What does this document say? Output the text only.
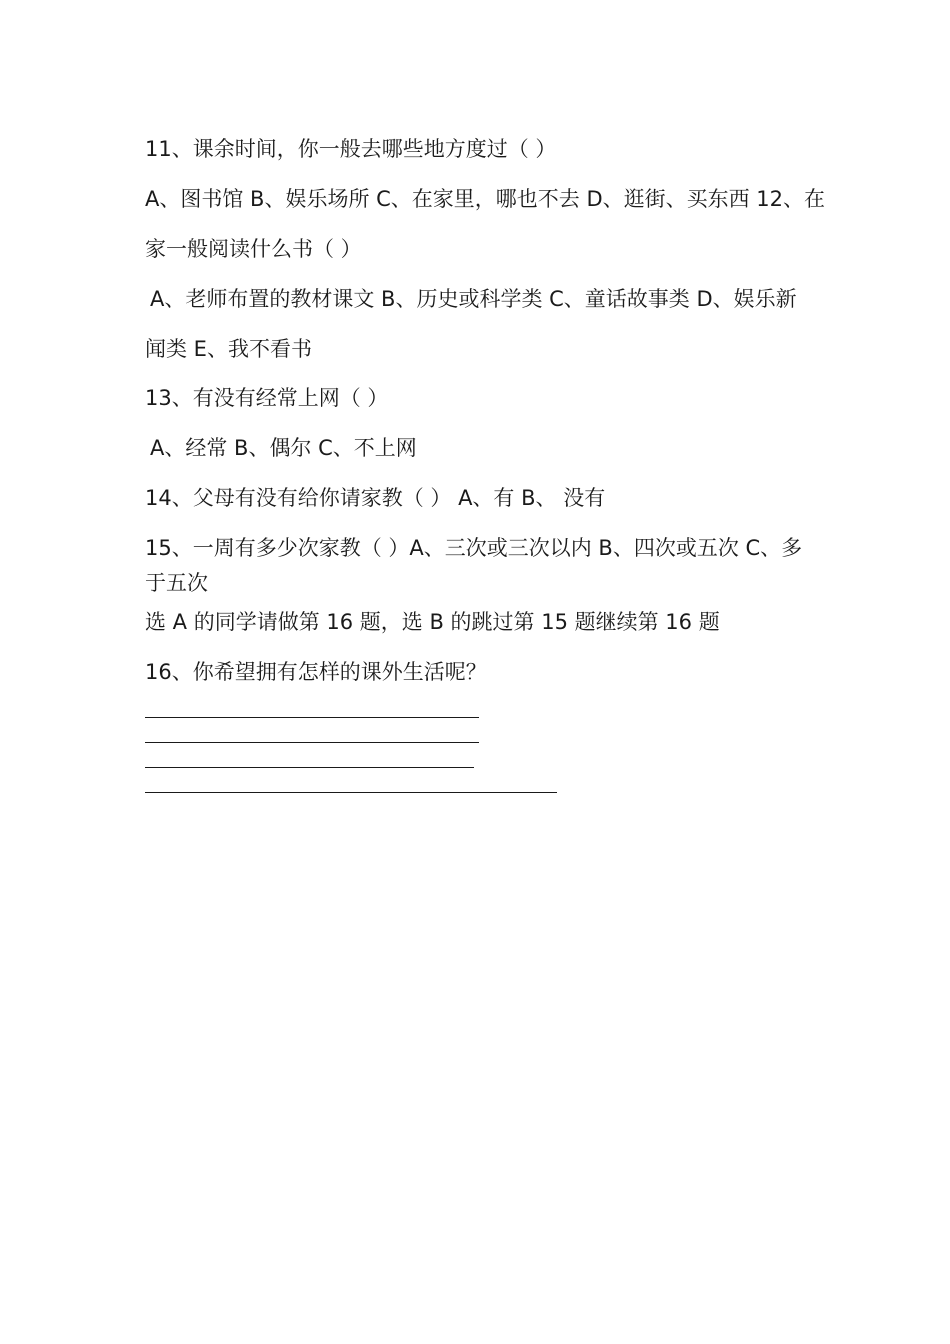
11、课余时间，你一般去哪些地方度过（ ）
A、图书馆 B、娱乐场所 C、在家里，哪也不去 D、逛街、买东西 12、在
家一般阅读什么书（ ）
A、老师布置的教材课文 B、历史或科学类 C、童话故事类 D、娱乐新
闻类 E、我不看书
13、有没有经常上网（ ）
A、经常 B、偶尔 C、不上网
14、父母有没有给你请家教（ ） A、有 B、 没有
15、一周有多少次家教（ ）A、三次或三次以内 B、四次或五次 C、多于五次
选 A 的同学请做第 16 题，选 B 的跳过第 15 题继续第 16 题
16、你希望拥有怎样的课外生活呢？
